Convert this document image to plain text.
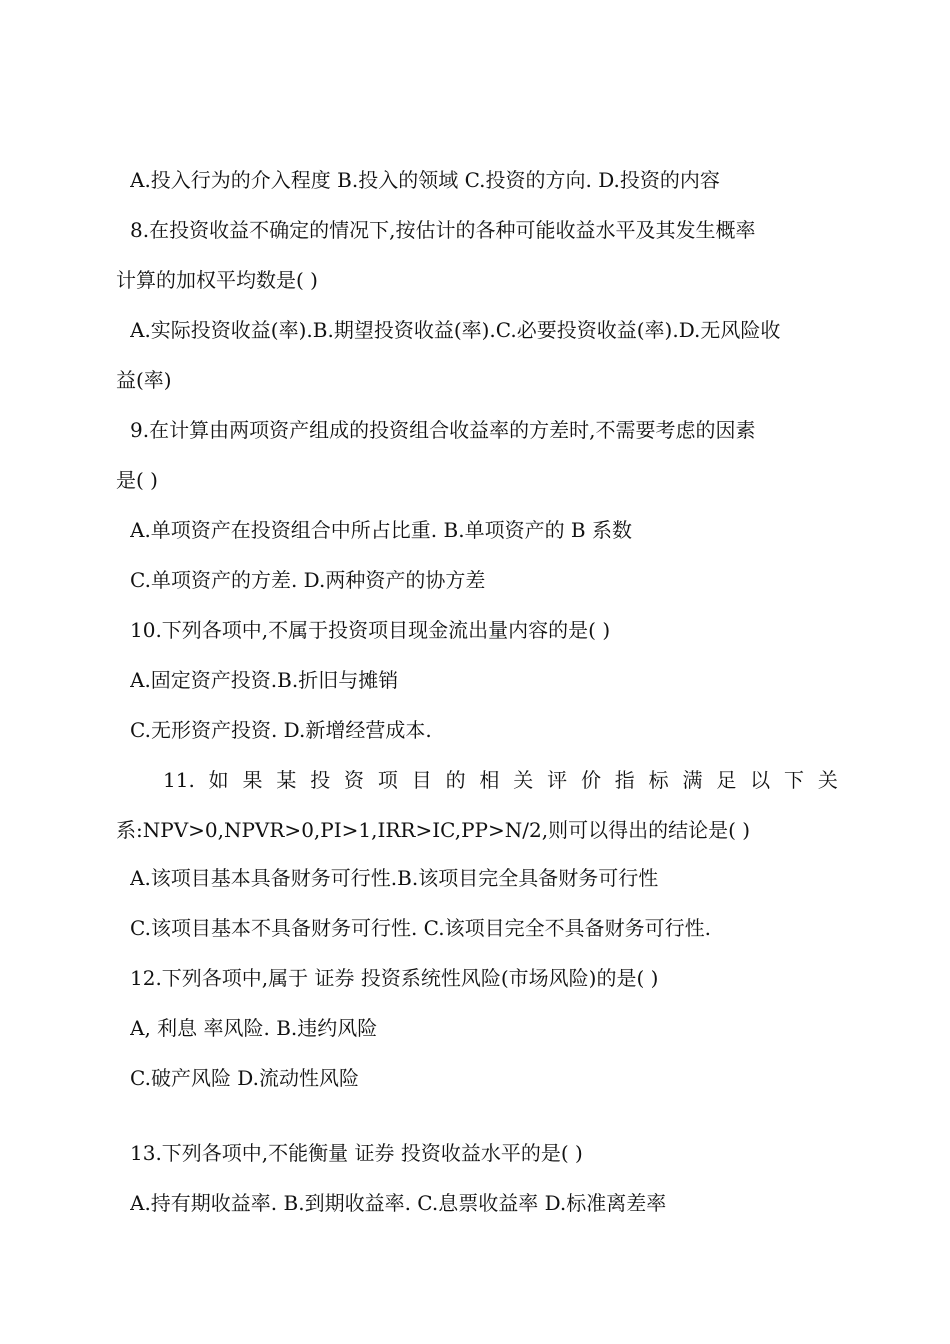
A.投入行为的介入程度 B.投入的领域 C.投资的方向. D.投资的内容
8.在投资收益不确定的情况下,按估计的各种可能收益水平及其发生概率
计算的加权平均数是( )
A.实际投资收益(率).B.期望投资收益(率).C.必要投资收益(率).D.无风险收
益(率)
9.在计算由两项资产组成的投资组合收益率的方差时,不需要考虑的因素
是( )
A.单项资产在投资组合中所占比重. B.单项资产的 B 系数
C.单项资产的方差. D.两种资产的协方差
10.下列各项中,不属于投资项目现金流出量内容的是( )
A.固定资产投资.B.折旧与摊销
C.无形资产投资. D.新增经营成本.
11. 如 果 某 投 资 项 目 的 相 关 评 价 指 标 满 足 以 下 关
系:NPV>0,NPVR>0,PI>1,IRR>IC,PP>N/2,则可以得出的结论是( )
A.该项目基本具备财务可行性.B.该项目完全具备财务可行性
C.该项目基本不具备财务可行性. C.该项目完全不具备财务可行性.
12.下列各项中,属于 证券 投资系统性风险(市场风险)的是( )
A, 利息 率风险. B.违约风险
C.破产风险 D.流动性风险
13.下列各项中,不能衡量 证券 投资收益水平的是( )
A.持有期收益率. B.到期收益率. C.息票收益率 D.标准离差率
